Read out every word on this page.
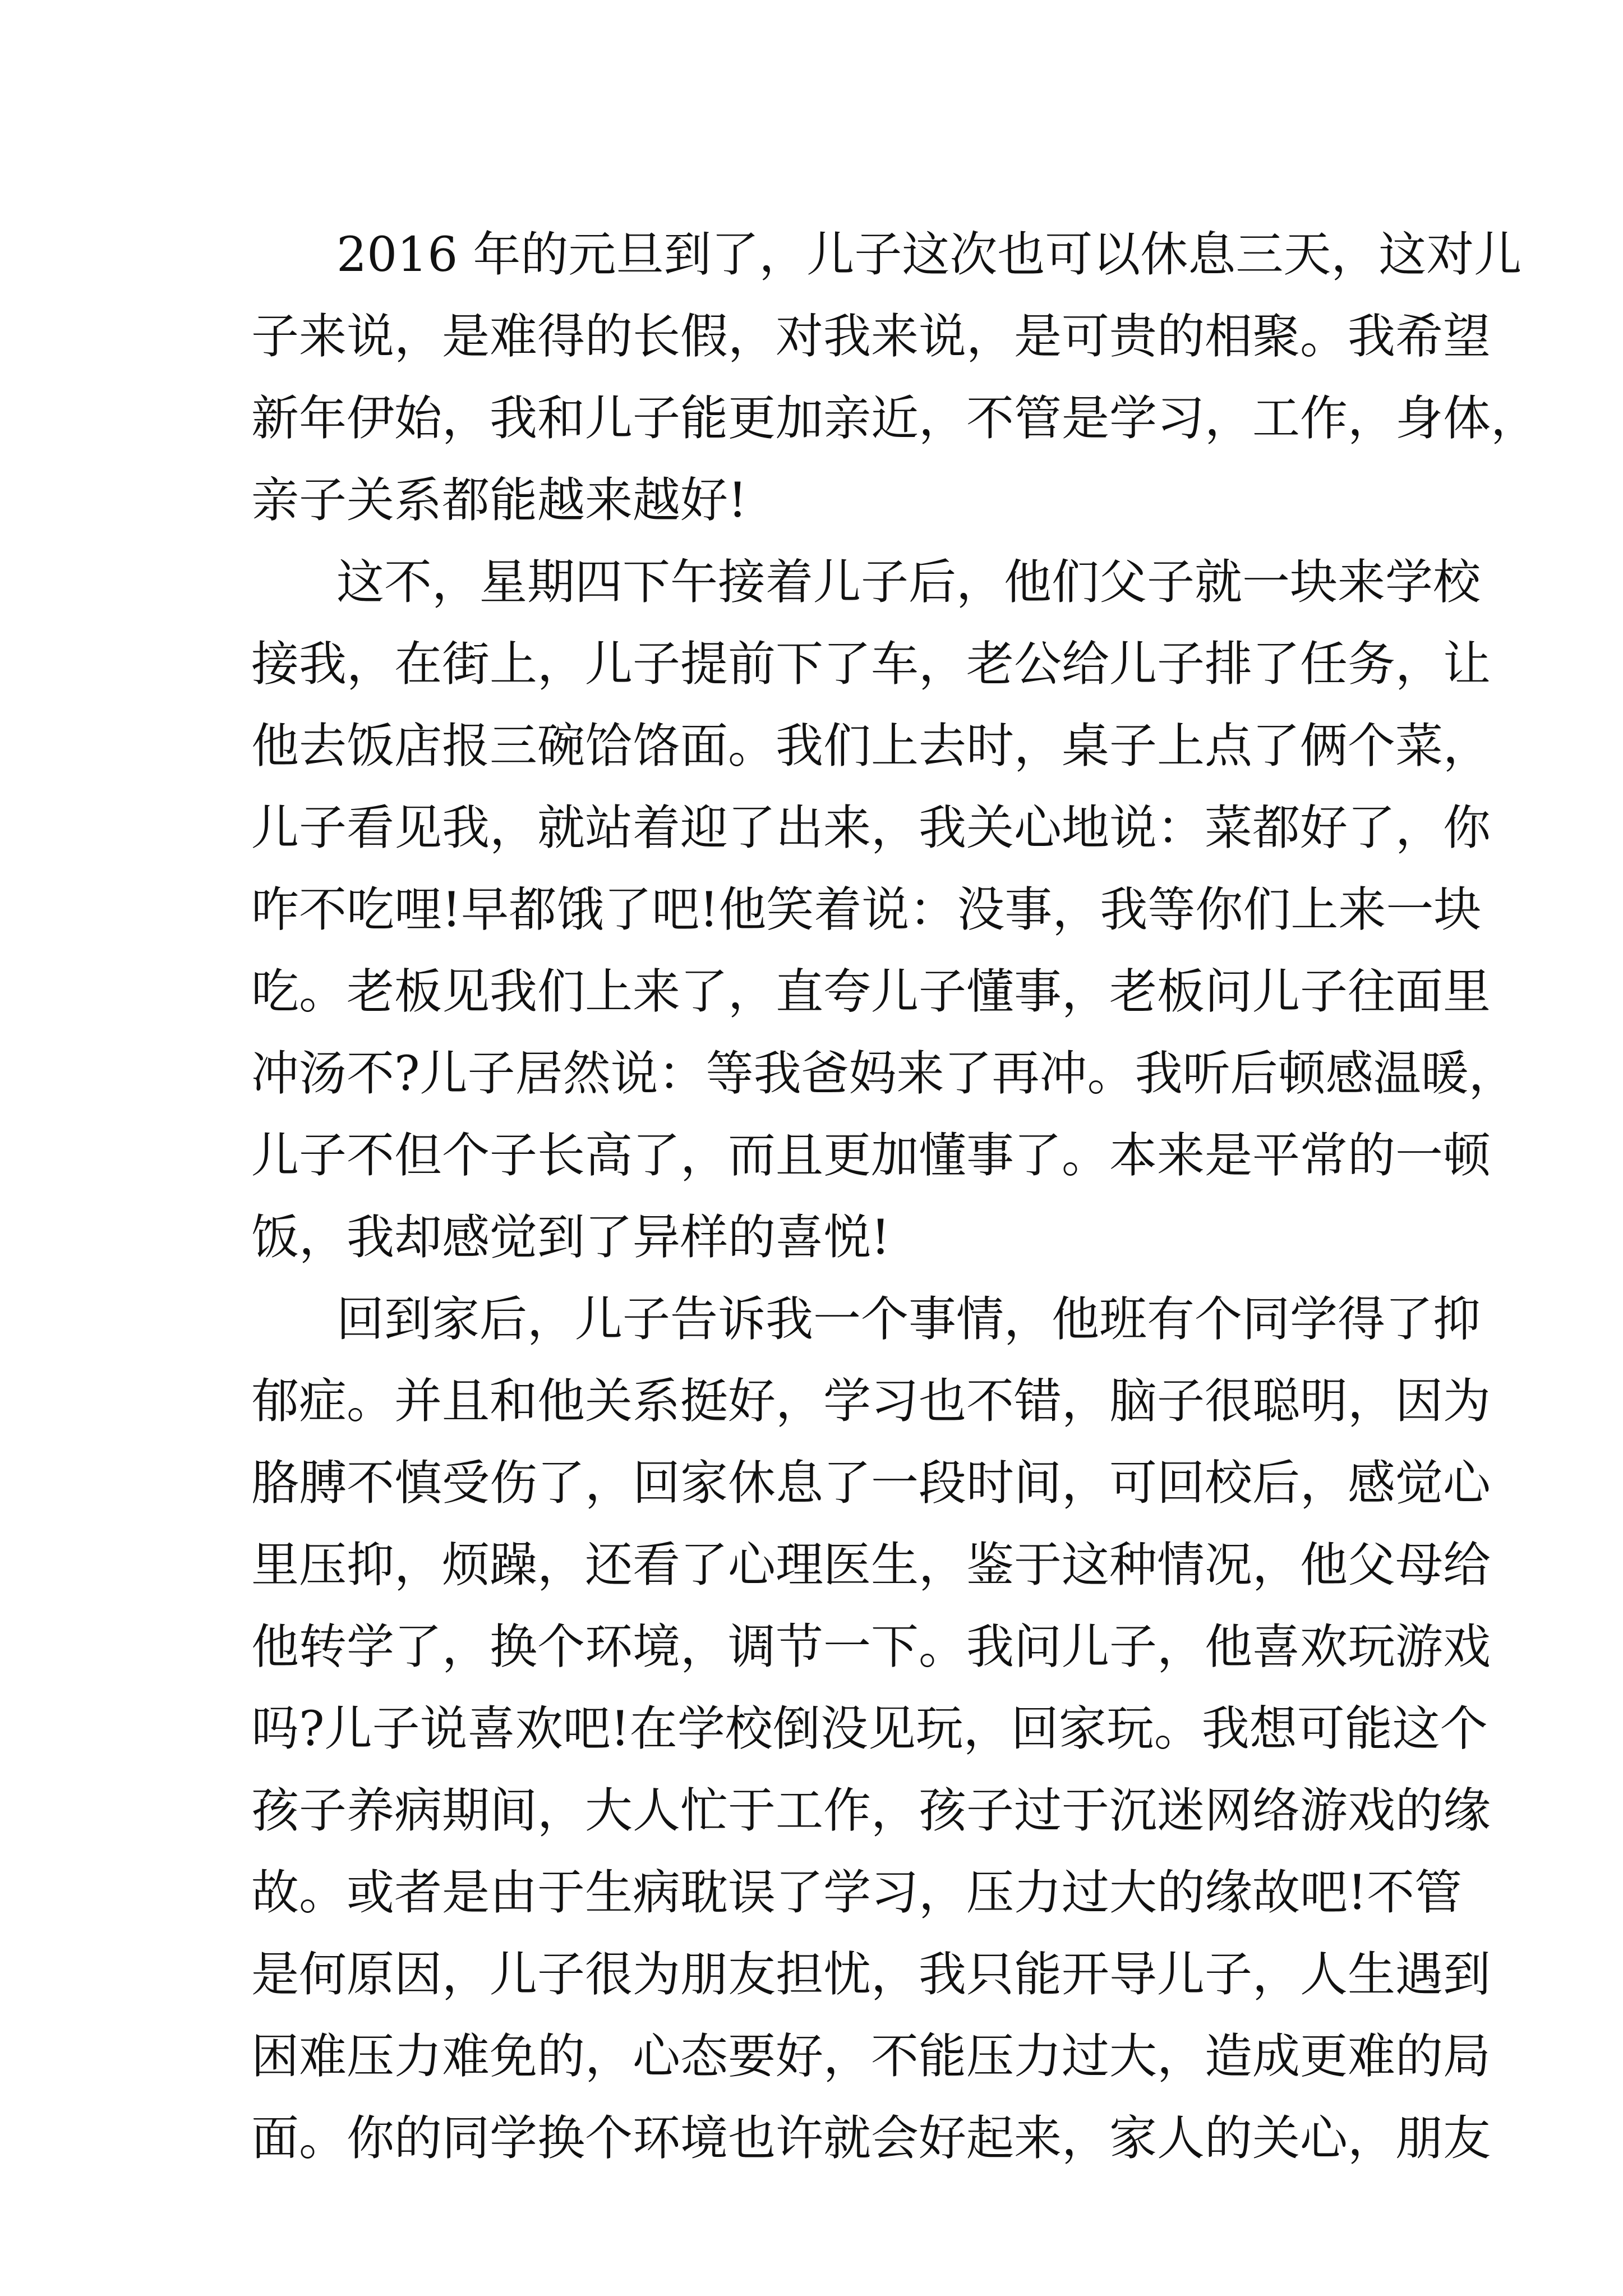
2016 年的元旦到了，儿子这次也可以休息三天，这对儿
子来说，是难得的长假，对我来说，是可贵的相聚。我希望
新年伊始，我和儿子能更加亲近，不管是学习，工作，身体，
亲子关系都能越来越好!
这不，星期四下午接着儿子后，他们父子就一块来学校
接我，在街上，儿子提前下了车，老公给儿子排了任务，让
他去饭店报三碗饸饹面。我们上去时，桌子上点了俩个菜，
儿子看见我，就站着迎了出来，我关心地说：菜都好了，你
咋不吃哩!早都饿了吧!他笑着说：没事，我等你们上来一块
吃。老板见我们上来了，直夸儿子懂事，老板问儿子往面里
冲汤不?儿子居然说：等我爸妈来了再冲。我听后顿感温暖，
儿子不但个子长高了，而且更加懂事了。本来是平常的一顿
饭，我却感觉到了异样的喜悦!
回到家后，儿子告诉我一个事情，他班有个同学得了抑
郁症。并且和他关系挺好，学习也不错，脑子很聪明，因为
胳膊不慎受伤了，回家休息了一段时间，可回校后，感觉心
里压抑，烦躁，还看了心理医生，鉴于这种情况，他父母给
他转学了，换个环境，调节一下。我问儿子，他喜欢玩游戏
吗?儿子说喜欢吧!在学校倒没见玩，回家玩。我想可能这个
孩子养病期间，大人忙于工作，孩子过于沉迷网络游戏的缘
故。或者是由于生病耽误了学习，压力过大的缘故吧!不管
是何原因，儿子很为朋友担忧，我只能开导儿子，人生遇到
困难压力难免的，心态要好，不能压力过大，造成更难的局
面。你的同学换个环境也许就会好起来，家人的关心，朋友
